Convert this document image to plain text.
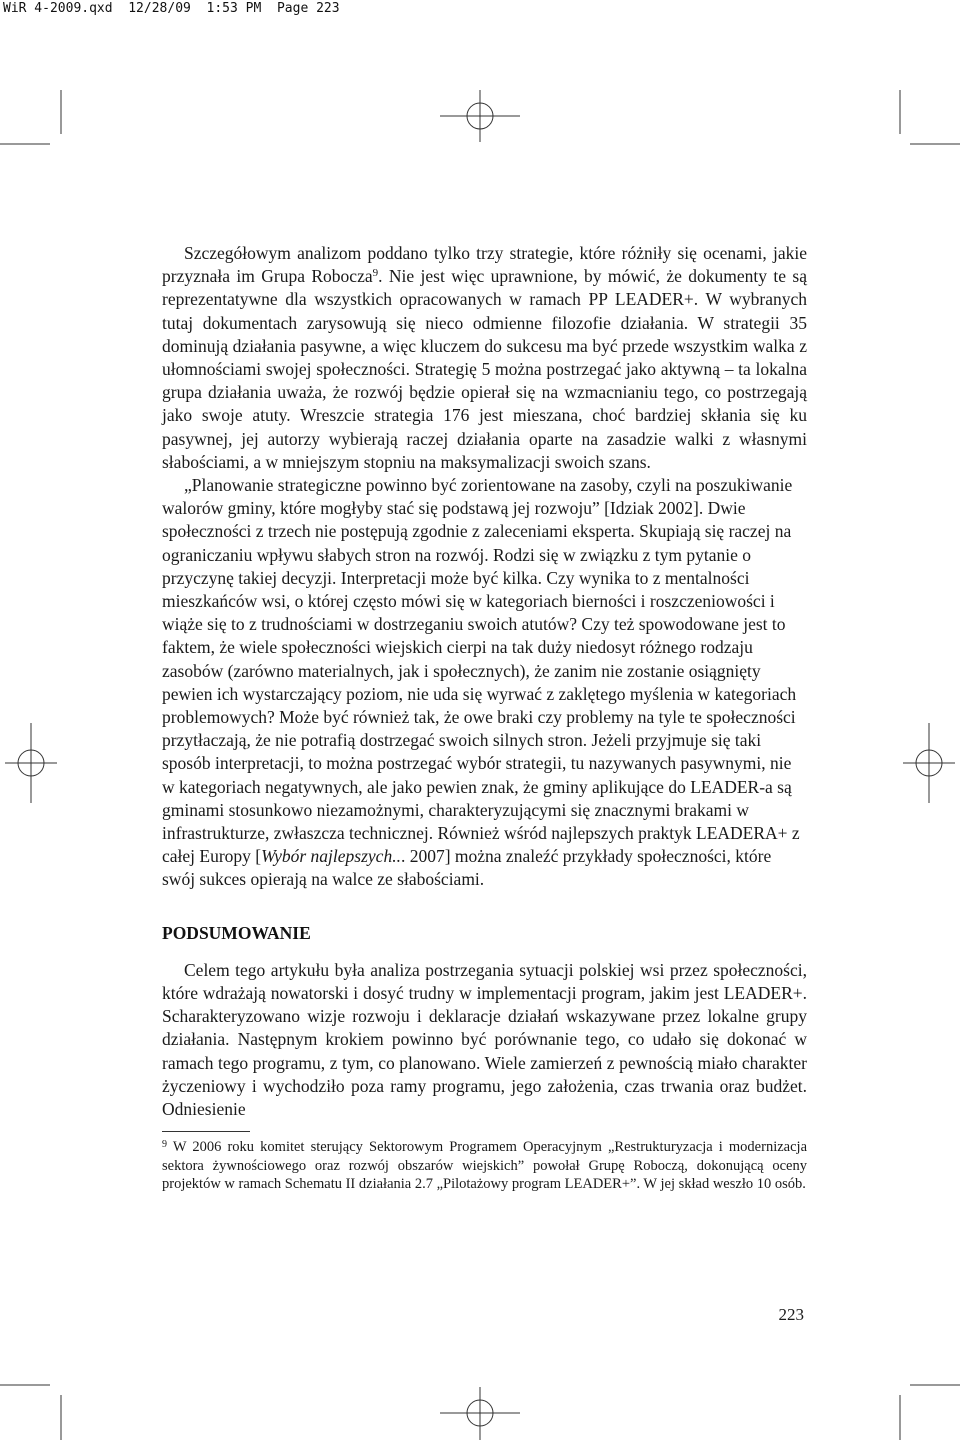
WiR 4-2009.qxd 12/28/09 1:53 PM Page 223

Szczegółowym analizom poddano tylko trzy strategie, które różniły się ocenami, jakie przyznała im Grupa Robocza$^9$. Nie jest więc uprawnione, by mówić, że dokumenty te są reprezentatywne dla wszystkich opracowanych w ramach PP LEADER+. W wybranych tutaj dokumentach zarysowują się nieco odmienne filozofie działania. W strategii 35 dominują działania pasywne, a więc kluczem do sukcesu ma być przede wszystkim walka z ułomnościami swojej społeczności. Strategię 5 można postrzegać jako aktywną – ta lokalna grupa działania uważa, że rozwój będzie opierał się na wzmacnianiu tego, co postrzegają jako swoje atuty. Wreszcie strategia 176 jest mieszana, choć bardziej skłania się ku pasywnej, jej autorzy wybierają raczej działania oparte na zasadzie walki z własnymi słabościami, a w mniejszym stopniu na maksymalizacji swoich szans.

„Planowanie strategiczne powinno być zorientowane na zasoby, czyli na poszukiwanie walorów gminy, które mogłyby stać się podstawą jej rozwoju” [Idziak 2002]. Dwie społeczności z trzech nie postępują zgodnie z zaleceniami eksperta. Skupiają się raczej na ograniczaniu wpływu słabych stron na rozwój. Rodzi się w związku z tym pytanie o przyczynę takiej decyzji. Interpretacji może być kilka. Czy wynika to z mentalności mieszkańców wsi, o której często mówi się w kategoriach bierności i roszczeniowości i wiąże się to z trudnościami w dostrzeganiu swoich atutów? Czy też spowodowane jest to faktem, że wiele społeczności wiejskich cierpi na tak duży niedosyt różnego rodzaju zasobów (zarówno materialnych, jak i społecznych), że zanim nie zostanie osiągnięty pewien ich wystarczający poziom, nie uda się wyrwać z zaklętego myślenia w kategoriach problemowych? Może być również tak, że owe braki czy problemy na tyle te społeczności przytłaczają, że nie potrafią dostrzegać swoich silnych stron. Jeżeli przyjmuje się taki sposób interpretacji, to można postrzegać wybór strategii, tu nazywanych pasywnymi, nie w kategoriach negatywnych, ale jako pewien znak, że gminy aplikujące do LEADER-a są gminami stosunkowo niezamożnymi, charakteryzującymi się znacznymi brakami w infrastrukturze, zwłaszcza technicznej. Również wśród najlepszych praktyk LEADERA+ z całej Europy [Wybór najlepszych... 2007] można znaleźć przykłady społeczności, które swój sukces opierają na walce ze słabościami.

PODSUMOWANIE

Celem tego artykułu była analiza postrzegania sytuacji polskiej wsi przez społeczności, które wdrażają nowatorski i dosyć trudny w implementacji program, jakim jest LEADER+. Scharakteryzowano wizje rozwoju i deklaracje działań wskazywane przez lokalne grupy działania. Następnym krokiem powinno być porównanie tego, co udało się dokonać w ramach tego programu, z tym, co planowano. Wiele zamierzeń z pewnością miało charakter życzeniowy i wychodziło poza ramy programu, jego założenia, czas trwania oraz budżet. Odniesienie

$^9$ W 2006 roku komitet sterujący Sektorowym Programem Operacyjnym „Restrukturyzacja i modernizacja sektora żywnościowego oraz rozwój obszarów wiejskich” powołał Grupę Roboczą, dokonującą oceny projektów w ramach Schematu II działania 2.7 „Pilotażowy program LEADER+”. W jej skład weszło 10 osób.
223
